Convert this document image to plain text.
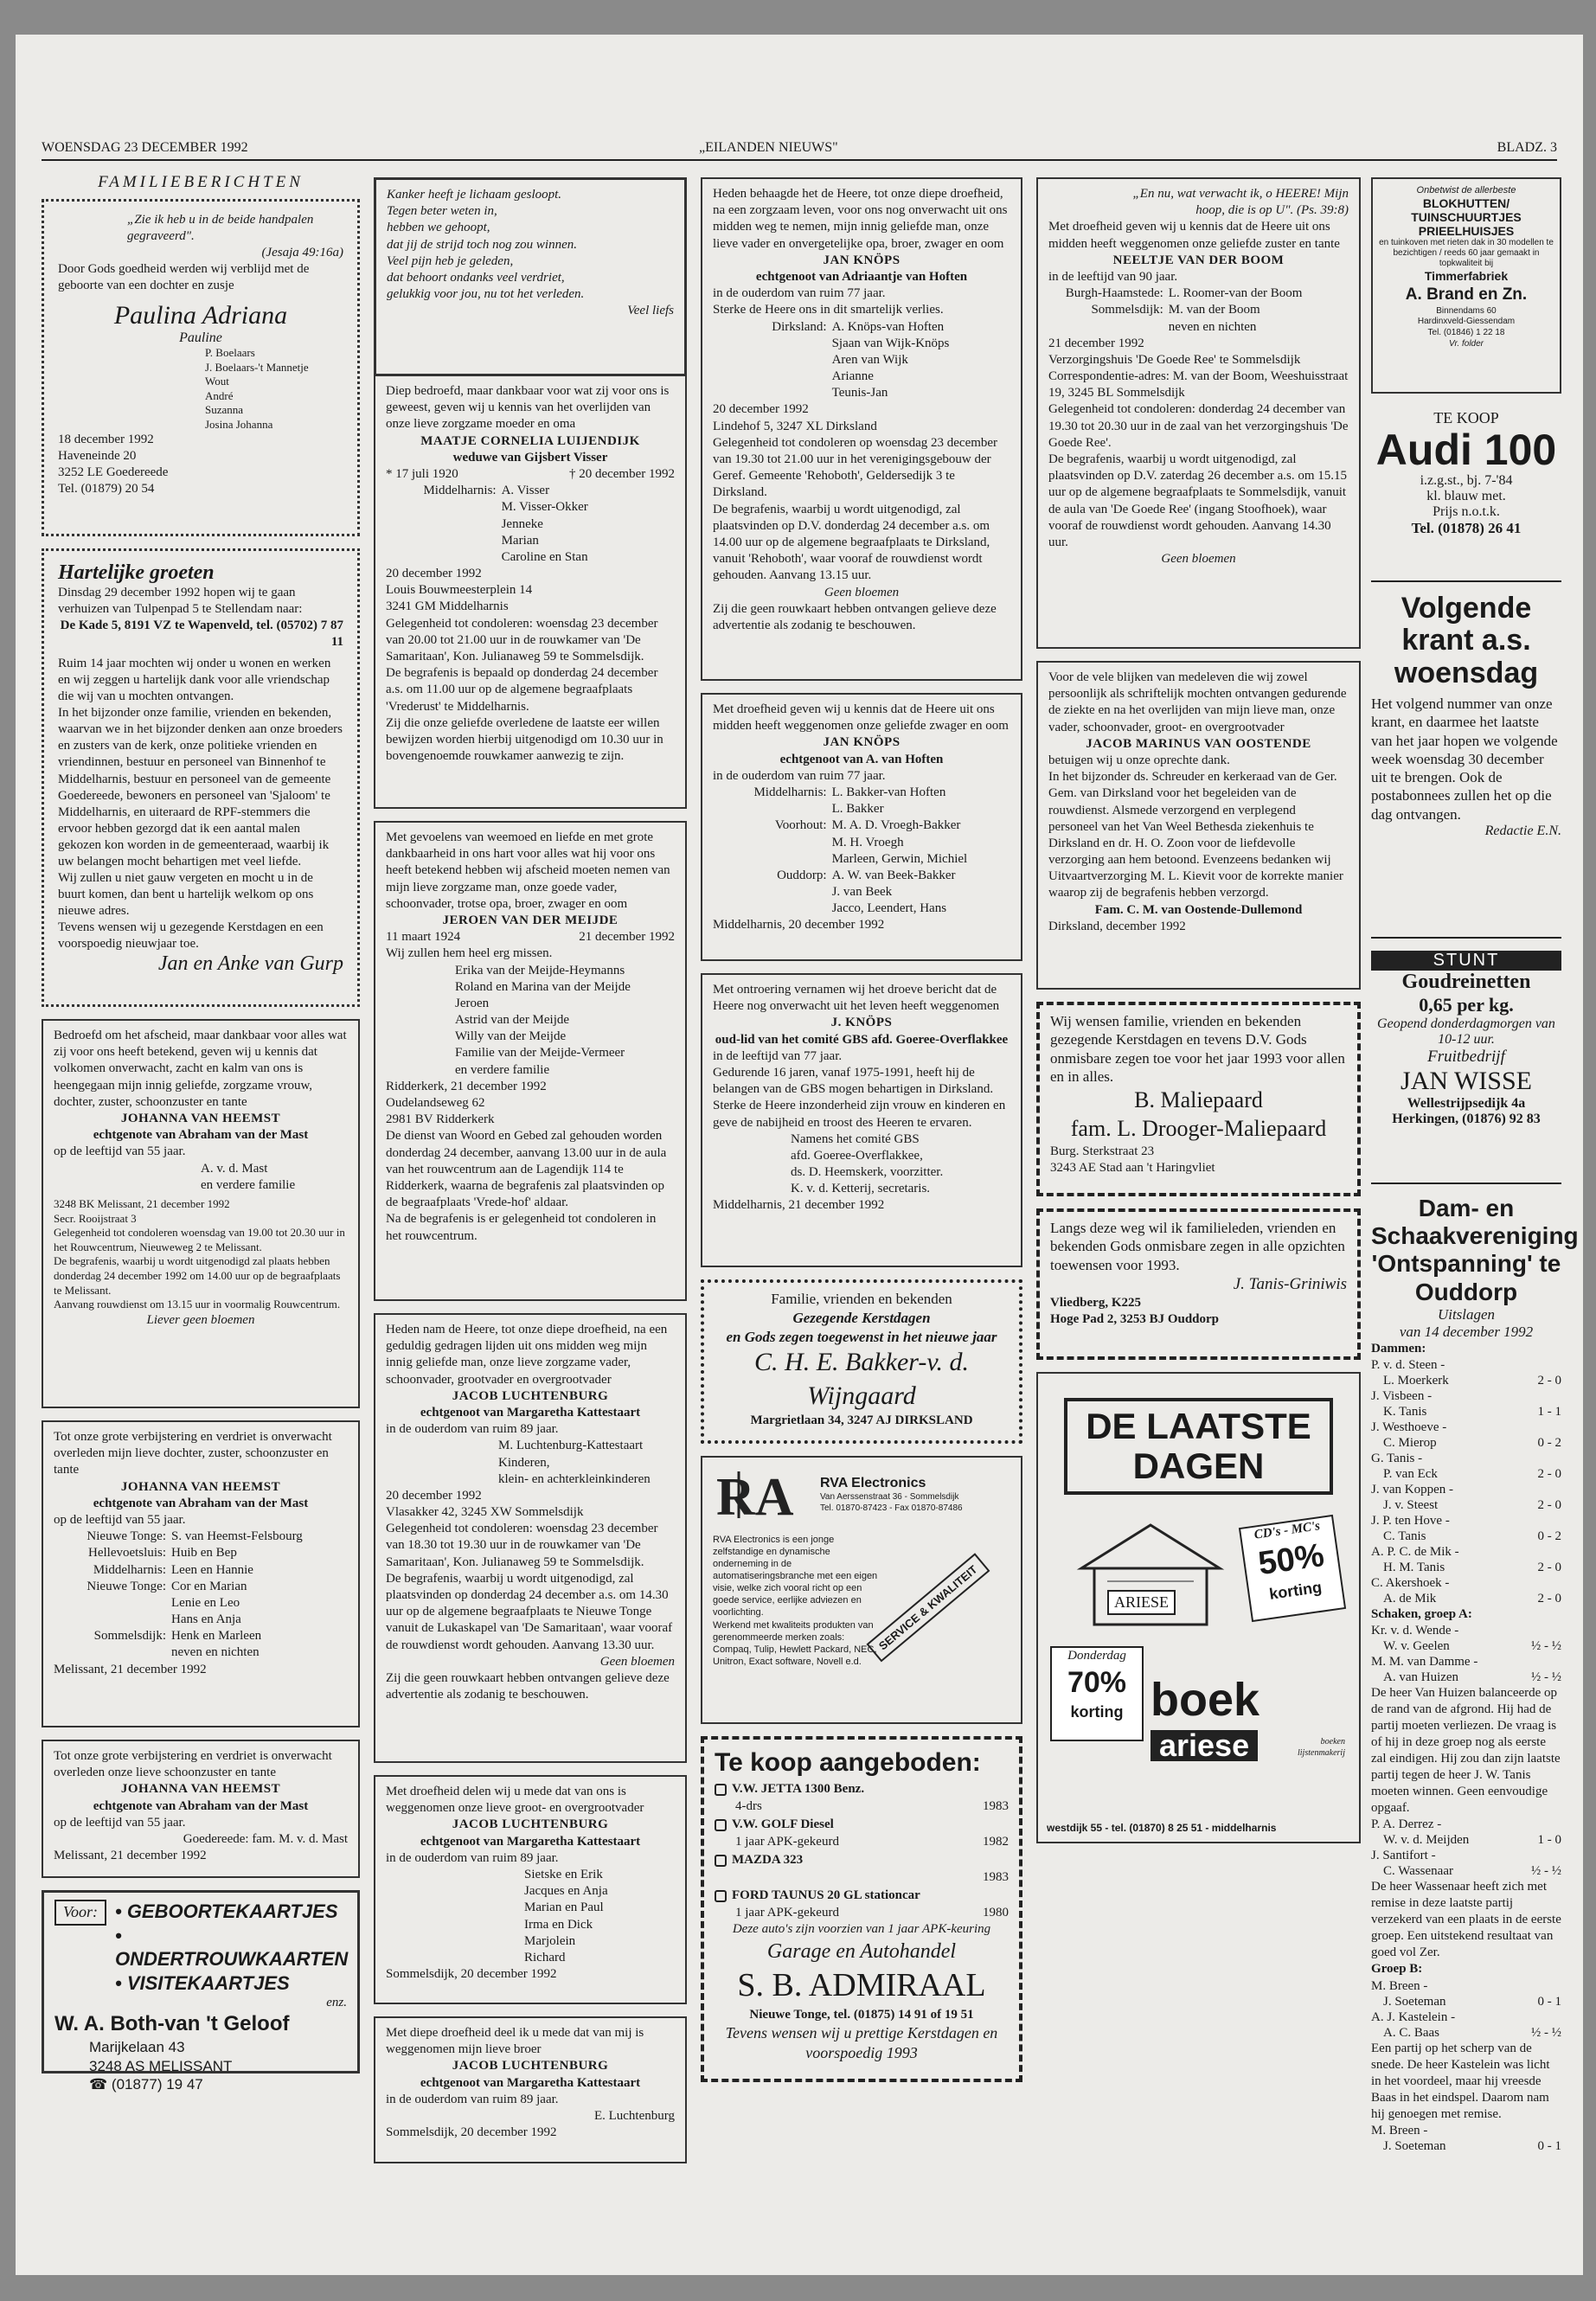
WOENSDAG 23 DECEMBER 1992	„EILANDEN NIEUWS"	BLADZ. 3
FAMILIEBERICHTEN

„Zie ik heb u in de beide handpalen gegraveerd".

(Jesaja 49:16a)

Door Gods goedheid werden wij verblijd met de geboorte van een dochter en zusje

Paulina Adriana

Pauline

P. Boelaars
J. Boelaars-'t Mannetje
Wout
André
Suzanna
Josina Johanna

18 december 1992

Haveneinde 20
3252 LE Goedereede
Tel. (01879) 20 54

Hartelijke groeten

Dinsdag 29 december 1992 hopen wij te gaan verhuizen van Tulpenpad 5 te Stellendam naar:

De Kade 5, 8191 VZ te Wapenveld, tel. (05702) 7 87 11

Ruim 14 jaar mochten wij onder u wonen en werken en wij zeggen u hartelijk dank voor alle vriendschap die wij van u mochten ontvangen.

In het bijzonder onze familie, vrienden en bekenden, waarvan we in het bijzonder denken aan onze broeders en zusters van de kerk, onze politieke vrienden en vriendinnen, bestuur en personeel van Binnenhof te Middelharnis, bestuur en personeel van de gemeente Goedereede, bewoners en personeel van 'Sjaloom' te Middelharnis, en uiteraard de RPF-stemmers die ervoor hebben gezorgd dat ik een aantal malen gekozen kon worden in de gemeenteraad, waarbij ik uw belangen mocht behartigen met veel liefde.

Wij zullen u niet gauw vergeten en mocht u in de buurt komen, dan bent u hartelijk welkom op ons nieuwe adres.

Tevens wensen wij u gezegende Kerstdagen en een voorspoedig nieuwjaar toe.

Jan en Anke van Gurp

Bedroefd om het afscheid, maar dankbaar voor alles wat zij voor ons heeft betekend, geven wij u kennis dat volkomen onverwacht, zacht en kalm van ons is heengegaan mijn innig geliefde, zorgzame vrouw, dochter, zuster, schoonzuster en tante

JOHANNA VAN HEEMST

echtgenote van Abraham van der Mast

op de leeftijd van 55 jaar.

A. v. d. Mast
en verdere familie

3248 BK Melissant, 21 december 1992
Secr. Rooijstraat 3

Gelegenheid tot condoleren woensdag van 19.00 tot 20.30 uur in het Rouwcentrum, Nieuweweg 2 te Melissant.

De begrafenis, waarbij u wordt uitgenodigd zal plaats hebben donderdag 24 december 1992 om 14.00 uur op de begraafplaats te Melissant.

Aanvang rouwdienst om 13.15 uur in voormalig Rouwcentrum.

Liever geen bloemen

Tot onze grote verbijstering en verdriet is onverwacht overleden mijn lieve dochter, zuster, schoonzuster en tante

JOHANNA VAN HEEMST

echtgenote van Abraham van der Mast

op de leeftijd van 55 jaar.

Nieuwe Tonge: S. van Heemst-Felsbourg
Hellevoetsluis: Huib en Bep
Middelharnis: Leen en Hannie
Nieuwe Tonge: Cor en Marian
Lenie en Leo
Hans en Anja
Sommelsdijk: Henk en Marleen
neven en nichten

Melissant, 21 december 1992

Tot onze grote verbijstering en verdriet is onverwacht overleden onze lieve schoonzuster en tante

JOHANNA VAN HEEMST

echtgenote van Abraham van der Mast

op de leeftijd van 55 jaar.

Goedereede: fam. M. v. d. Mast

Melissant, 21 december 1992

Voor: • GEBOORTEKAARTJES
• ONDERTROUWKAARTEN
• VISITEKAARTJES

enz.

W. A. Both-van 't Geloof

Marijkelaan 43

3248 AS MELISSANT

☎ (01877) 19 47

Kanker heeft je lichaam gesloopt.
Tegen beter weten in,
hebben we gehoopt,
dat jij de strijd toch nog zou winnen.
Veel pijn heb je geleden,
dat behoort ondanks veel verdriet,
gelukkig voor jou, nu tot het verleden.

Veel liefs

Diep bedroefd, maar dankbaar voor wat zij voor ons is geweest, geven wij u kennis van het overlijden van onze lieve zorgzame moeder en oma

MAATJE CORNELIA LUIJENDIJK

weduwe van Gijsbert Visser

* 17 juli 1920	† 20 december 1992

Middelharnis: A. Visser
M. Visser-Okker
Jenneke
Marian
Caroline en Stan

20 december 1992
Louis Bouwmeesterplein 14
3241 GM Middelharnis

Gelegenheid tot condoleren: woensdag 23 december van 20.00 tot 21.00 uur in de rouwkamer van 'De Samaritaan', Kon. Julianaweg 59 te Sommelsdijk.

De begrafenis is bepaald op donderdag 24 december a.s. om 11.00 uur op de algemene begraafplaats 'Vrederust' te Middelharnis.

Zij die onze geliefde overledene de laatste eer willen bewijzen worden hierbij uitgenodigd om 10.30 uur in bovengenoemde rouwkamer aanwezig te zijn.

Met gevoelens van weemoed en liefde en met grote dankbaarheid in ons hart voor alles wat hij voor ons heeft betekend hebben wij afscheid moeten nemen van mijn lieve zorgzame man, onze goede vader, schoonvader, trotse opa, broer, zwager en oom

JEROEN VAN DER MEIJDE

11 maart 1924	21 december 1992

Wij zullen hem heel erg missen.

Erika van der Meijde-Heymanns
Roland en Marina van der Meijde
Jeroen
Astrid van der Meijde
Willy van der Meijde
Familie van der Meijde-Vermeer
en verdere familie

Ridderkerk, 21 december 1992
Oudelandseweg 62
2981 BV Ridderkerk

De dienst van Woord en Gebed zal gehouden worden donderdag 24 december, aanvang 13.00 uur in de aula van het rouwcentrum aan de Lagendijk 114 te Ridderkerk, waarna de begrafenis zal plaatsvinden op de begraafplaats 'Vrede-hof' aldaar.

Na de begrafenis is er gelegenheid tot condoleren in het rouwcentrum.

Heden nam de Heere, tot onze diepe droefheid, na een geduldig gedragen lijden uit ons midden weg mijn innig geliefde man, onze lieve zorgzame vader, schoonvader, grootvader en overgrootvader

JACOB LUCHTENBURG

echtgenoot van Margaretha Kattestaart

in de ouderdom van ruim 89 jaar.

M. Luchtenburg-Kattestaart
Kinderen,
klein- en achterkleinkinderen

20 december 1992
Vlasakker 42, 3245 XW Sommelsdijk

Gelegenheid tot condoleren: woensdag 23 december van 18.30 tot 19.30 uur in de rouwkamer van 'De Samaritaan', Kon. Julianaweg 59 te Sommelsdijk.

De begrafenis, waarbij u wordt uitgenodigd, zal plaatsvinden op donderdag 24 december a.s. om 14.30 uur op de algemene begraafplaats te Nieuwe Tonge vanuit de Lukaskapel van 'De Samaritaan', waar vooraf de rouwdienst wordt gehouden. Aanvang 13.30 uur.

Geen bloemen

Zij die geen rouwkaart hebben ontvangen gelieve deze advertentie als zodanig te beschouwen.

Met droefheid delen wij u mede dat van ons is weggenomen onze lieve groot- en overgrootvader

JACOB LUCHTENBURG

echtgenoot van Margaretha Kattestaart

in de ouderdom van ruim 89 jaar.

Sietske en Erik
Jacques en Anja
Marian en Paul
Irma en Dick
Marjolein
Richard

Sommelsdijk, 20 december 1992

Met diepe droefheid deel ik u mede dat van mij is weggenomen mijn lieve broer

JACOB LUCHTENBURG

echtgenoot van Margaretha Kattestaart

in de ouderdom van ruim 89 jaar.

E. Luchtenburg

Sommelsdijk, 20 december 1992

Heden behaagde het de Heere, tot onze diepe droefheid, na een zorgzaam leven, voor ons nog onverwacht uit ons midden weg te nemen, mijn innig geliefde man, onze lieve vader en onvergetelijke opa, broer, zwager en oom

JAN KNÖPS

echtgenoot van Adriaantje van Hoften

in de ouderdom van ruim 77 jaar.

Sterke de Heere ons in dit smartelijk verlies.

Dirksland: A. Knöps-van Hoften
Sjaan van Wijk-Knöps
Aren van Wijk
Arianne
Teunis-Jan

20 december 1992
Lindehof 5, 3247 XL Dirksland

Gelegenheid tot condoleren op woensdag 23 december van 19.30 tot 21.00 uur in het verenigingsgebouw der Geref. Gemeente 'Rehoboth', Geldersedijk 3 te Dirksland.

De begrafenis, waarbij u wordt uitgenodigd, zal plaatsvinden op D.V. donderdag 24 december a.s. om 14.00 uur op de algemene begraafplaats te Dirksland, vanuit 'Rehoboth', waar vooraf de rouwdienst wordt gehouden. Aanvang 13.15 uur.

Geen bloemen

Zij die geen rouwkaart hebben ontvangen gelieve deze advertentie als zodanig te beschouwen.

Met droefheid geven wij u kennis dat de Heere uit ons midden heeft weggenomen onze geliefde zwager en oom

JAN KNÖPS

echtgenoot van A. van Hoften

in de ouderdom van ruim 77 jaar.

Middelharnis: L. Bakker-van Hoften
L. Bakker
Voorhout: M. A. D. Vroegh-Bakker
M. H. Vroegh
Marleen, Gerwin, Michiel
Ouddorp: A. W. van Beek-Bakker
J. van Beek
Jacco, Leendert, Hans

Middelharnis, 20 december 1992

Met ontroering vernamen wij het droeve bericht dat de Heere nog onverwacht uit het leven heeft weggenomen

J. KNÖPS

oud-lid van het comité GBS afd. Goeree-Overflakkee

in de leeftijd van 77 jaar.

Gedurende 16 jaren, vanaf 1975-1991, heeft hij de belangen van de GBS mogen behartigen in Dirksland.

Sterke de Heere inzonderheid zijn vrouw en kinderen en geve de nabijheid en troost des Heeren te ervaren.

Namens het comité GBS
afd. Goeree-Overflakkee,
ds. D. Heemskerk, voorzitter.
K. v. d. Ketterij, secretaris.

Middelharnis, 21 december 1992

Familie, vrienden en bekenden

Gezegende Kerstdagen

en Gods zegen toegewenst in het nieuwe jaar

C. H. E. Bakker-v. d. Wijngaard

Margrietlaan 34, 3247 AJ DIRKSLAND

RA RVA Electronics

Van Aerssenstraat 36 - Sommelsdijk

Tel. 01870-87423 - Fax 01870-87486

RVA Electronics is een jonge zelfstandige en dynamische onderneming in de automatiseringsbranche met een eigen visie, welke zich vooral richt op een goede service, eerlijke adviezen en voorlichting.
Werkend met kwaliteits produkten van gerenommeerde merken zoals:
Compaq, Tulip, Hewlett Packard, NEC, Unitron, Exact software, Novell e.d.

SERVICE & KWALITEIT

Te koop aangeboden:

V.W. JETTA 1300 Benz.
4-drs	1983
V.W. GOLF Diesel
1 jaar APK-gekeurd	1982
MAZDA 323
1983
FORD TAUNUS 20 GL stationcar
1 jaar APK-gekeurd	1980

Deze auto's zijn voorzien van 1 jaar APK-keuring

Garage en Autohandel

S. B. ADMIRAAL

Nieuwe Tonge, tel. (01875) 14 91 of 19 51

Tevens wensen wij u prettige Kerstdagen en voorspoedig 1993

„En nu, wat verwacht ik, o HEERE! Mijn hoop, die is op U". (Ps. 39:8)

Met droefheid geven wij u kennis dat de Heere uit ons midden heeft weggenomen onze geliefde zuster en tante

NEELTJE VAN DER BOOM

in de leeftijd van 90 jaar.

Burgh-Haamstede: L. Roomer-van der Boom
Sommelsdijk: M. van der Boom
neven en nichten

21 december 1992

Verzorgingshuis 'De Goede Ree' te Sommelsdijk

Correspondentie-adres: M. van der Boom, Weeshuisstraat 19, 3245 BL Sommelsdijk

Gelegenheid tot condoleren: donderdag 24 december van 19.30 tot 20.30 uur in de zaal van het verzorgingshuis 'De Goede Ree'.

De begrafenis, waarbij u wordt uitgenodigd, zal plaatsvinden op D.V. zaterdag 26 december a.s. om 15.15 uur op de algemene begraafplaats te Sommelsdijk, vanuit de aula van 'De Goede Ree' (ingang Stoofhoek), waar vooraf de rouwdienst wordt gehouden. Aanvang 14.30 uur.

Geen bloemen

Voor de vele blijken van medeleven die wij zowel persoonlijk als schriftelijk mochten ontvangen gedurende de ziekte en na het overlijden van mijn lieve man, onze vader, schoonvader, groot- en overgrootvader

JACOB MARINUS VAN OOSTENDE

betuigen wij u onze oprechte dank.

In het bijzonder ds. Schreuder en kerkeraad van de Ger. Gem. van Dirksland voor het begeleiden van de rouwdienst. Alsmede verzorgend en verplegend personeel van het Van Weel Bethesda ziekenhuis te Dirksland en dr. H. O. Zoon voor de liefdevolle verzorging aan hem betoond. Evenzeens bedanken wij Uitvaartverzorging M. L. Kievit voor de korrekte manier waarop zij de begrafenis hebben verzorgd.

Fam. C. M. van Oostende-Dullemond

Dirksland, december 1992

Wij wensen familie, vrienden en bekenden gezegende Kerstdagen en tevens D.V. Gods onmisbare zegen toe voor het jaar 1993 voor allen en in alles.

B. Maliepaard

fam. L. Drooger-Maliepaard

Burg. Sterkstraat 23
3243 AE Stad aan 't Haringvliet

Langs deze weg wil ik familieleden, vrienden en bekenden Gods onmisbare zegen in alle opzichten toewensen voor 1993.

J. Tanis-Griniwis

Vliedberg, K225
Hoge Pad 2, 3253 BJ Ouddorp

DE LAATSTE DAGEN

CD's - MC's

50%

korting

ARIESE

Donderdag

70%

korting boek

ariese	boeken
lijstenmakerij

westdijk 55 - tel. (01870) 8 25 51 - middelharnis

Onbetwist de allerbeste

BLOKHUTTEN/
TUINSCHUURTJES
PRIEELHUISJES

en tuinkoven met rieten dak in 30 modellen te bezichtigen / reeds 60 jaar gemaakt in topkwaliteit bij

Timmerfabriek

A. Brand en Zn.

Binnendams 60
Hardinxveld-Giessendam
Tel. (01846) 1 22 18

Vr. folder

TE KOOP

Audi 100

i.z.g.st., bj. 7-'84

kl. blauw met.

Prijs n.o.t.k.

Tel. (01878) 26 41

Volgende krant a.s. woensdag

Het volgend nummer van onze krant, en daarmee het laatste van het jaar hopen we volgende week woensdag 30 december uit te brengen. Ook de postabonnees zullen het op die dag ontvangen.

Redactie E.N.

STUNT

Goudreinetten

0,65 per kg.

Geopend donderdagmorgen van 10-12 uur.

Fruitbedrijf

JAN WISSE

Wellestrijpsedijk 4a
Herkingen, (01876) 92 83

Dam- en Schaakvereniging 'Ontspanning' te Ouddorp

Uitslagen

van 14 december 1992

Dammen:

P. v. d. Steen -
L. Moerkerk	2 - 0
J. Visbeen -
K. Tanis	1 - 1
J. Westhoeve -
C. Mierop	0 - 2
G. Tanis -
P. van Eck	2 - 0
J. van Koppen -
J. v. Steest	2 - 0
J. P. ten Hove -
C. Tanis	0 - 2
A. P. C. de Mik -
H. M. Tanis	2 - 0
C. Akershoek -
A. de Mik	2 - 0

Schaken, groep A:

Kr. v. d. Wende -
W. v. Geelen	½ - ½
M. M. van Damme -
A. van Huizen	½ - ½

De heer Van Huizen balanceerde op de rand van de afgrond. Hij had de partij moeten verliezen. De vraag is of hij in deze groep nog als eerste zal eindigen. Hij zou dan zijn laatste partij tegen de heer J. W. Tanis moeten winnen. Geen eenvoudige opgaaf.

P. A. Derrez -
W. v. d. Meijden	1 - 0
J. Santifort -
C. Wassenaar	½ - ½

De heer Wassenaar heeft zich met remise in deze laatste partij verzekerd van een plaats in de eerste groep. Een uitstekend resultaat van goed vol Zer.

Groep B:

M. Breen -
J. Soeteman	0 - 1
A. J. Kastelein -
A. C. Baas	½ - ½

Een partij op het scherp van de snede. De heer Kastelein was licht in het voordeel, maar hij vreesde Baas in het eindspel. Daarom nam hij genoegen met remise.

M. Breen -
J. Soeteman	0 - 1
